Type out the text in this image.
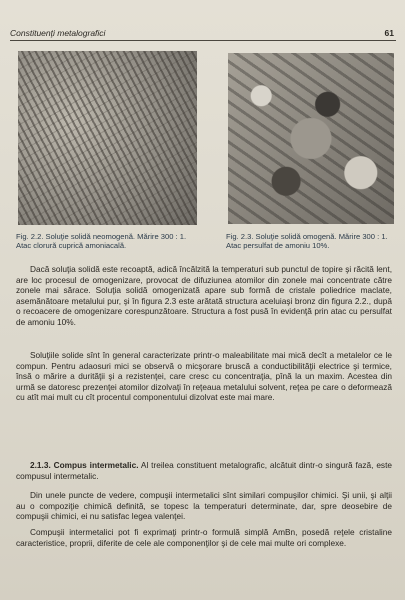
Constituenţi metalografici	61
Fig. 2.2. Soluţie solidă neomogenă. Mărire 300 : 1. Atac clorură cuprică amoniacală.
Fig. 2.3. Soluţie solidă omogenă. Mărire 300 : 1. Atac persulfat de amoniu 10%.

Dacă soluţia solidă este recoaptă, adică încălzită la temperaturi sub punctul de topire şi răcită lent, are loc procesul de omogenizare, provocat de difuziunea atomilor din zonele mai concentrate către zonele mai sărace. Soluţia solidă omogenizată apare sub formă de cristale poliedrice maclate, asemănătoare metalului pur, şi în figura 2.3 este arătată structura aceluiaşi bronz din figura 2.2., după o recoacere de omogenizare corespunzătoare. Structura a fost pusă în evidenţă prin atac cu persulfat de amoniu 10%.

Soluţiile solide sînt în general caracterizate printr-o maleabilitate mai mică decît a metalelor ce le compun. Pentru adaosuri mici se observă o micşorare bruscă a conductibilităţii electrice şi termice, însă o mărire a durităţii şi a rezistenţei, care cresc cu concentraţia, pînă la un maxim. Acestea din urmă se datoresc prezenţei atomilor dizolvaţi în reţeaua metalului solvent, reţea pe care o deformează cu atît mai mult cu cît procentul componentului dizolvat este mai mare.

2.1.3. Compus intermetalic. Al treilea constituent metalografic, alcătuit dintr-o singură fază, este compusul intermetalic.

Din unele puncte de vedere, compuşii intermetalici sînt similari compuşilor chimici. Şi unii, şi alţii au o compoziţie chimică definită, se topesc la temperaturi determinate, dar, spre deosebire de compuşii chimici, ei nu satisfac legea valenţei.

Compuşii intermetalici pot fi exprimaţi printr-o formulă simplă AmBn, posedă reţele cristaline caracteristice, proprii, diferite de cele ale componenţilor şi de cele mai multe ori complexe.
